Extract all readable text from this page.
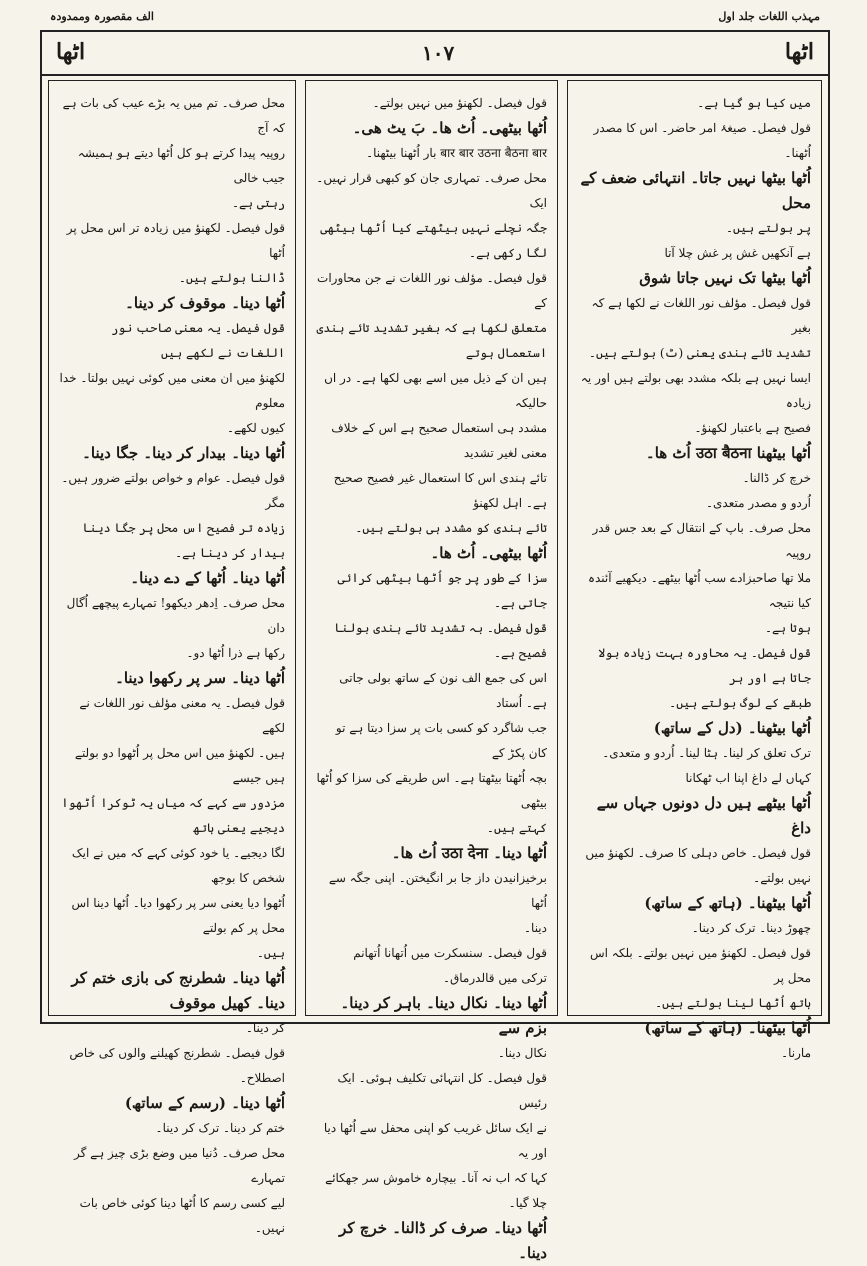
الف مقصورہ وممدودہ	مہذب اللغات جلد اول
اٹھا	۱۰۷	اٹھا

میں کیا ہو گیا ہے۔

قول فیصل۔ صیغۂ امر حاضر۔ اس کا مصدر اُٹھنا۔

اُٹھا بیٹھا نہیں جاتا۔ انتہائی ضعف کے محل

پر بولتے ہیں۔

ہے آنکھیں غش پر غش چلا آتا

اُٹھا بیٹھا تک نہیں جاتا شوق

قول فیصل۔ مؤلف نور اللغات نے لکھا ہے کہ بغیر

تشدید تائے ہندی یعنی (ٹ) بولتے ہیں۔

ایسا نہیں ہے بلکہ مشدد بھی بولتے ہیں اور یہ زیادہ

فصیح ہے باعتبار لکھنؤ۔

اُٹھا بیٹھنا उठा बैठना اُٹ ھا۔

خرچ کر ڈالنا۔

اُردو و مصدر متعدی۔

محل صرف۔ باپ کے انتقال کے بعد جس قدر روپیہ

ملا تھا صاحبزادے سب اُٹھا بیٹھے۔ دیکھیے آئندہ کیا نتیجہ

ہوتا ہے۔

قول فیصل۔ یہ محاورہ بہت زیادہ بولا جاتا ہے اور ہر

طبقے کے لوگ بولتے ہیں۔

اُٹھا بیٹھنا۔ (دل کے ساتھ)

ترک تعلق کر لینا۔ ہٹا لینا۔ اُردو و متعدی۔

کہاں لے داغ اپنا اب ٹھکانا

اُٹھا بیٹھے ہیں دل دونوں جہاں سے داغ

قول فیصل۔ خاص دہلی کا صرف۔ لکھنؤ میں نہیں بولتے۔

اُٹھا بیٹھنا۔ (ہاتھ کے ساتھ)

چھوڑ دینا۔ ترک کر دینا۔

قول فیصل۔ لکھنؤ میں نہیں بولتے۔ بلکہ اس محل پر

ہاتھ اُٹھا لینا بولتے ہیں۔

اُٹھا بیٹھنا۔ (ہاتھ کے ساتھ)

مارنا۔

قول فیصل۔ لکھنؤ میں نہیں بولتے۔

اُٹھا بیٹھی۔ اُٹ ھا۔ بَ یٹ ھی۔

बार बार उठना बैठना बार بار اُٹھنا بیٹھنا۔

محل صرف۔ تمہاری جان کو کبھی قرار نہیں۔ ایک

جگہ نچلے نہیں بیٹھتے کیا اُٹھا بیٹھی لگا رکھی ہے۔

قول فیصل۔ مؤلف نور اللغات نے جن محاورات کے

متعلق لکھا ہے کہ بغیر تشدید تائے ہندی استعمال ہوتے

ہیں ان کے ذیل میں اسے بھی لکھا ہے۔ در اں حالیکہ

مشدد ہی استعمال صحیح ہے اس کے خلاف معنی لغیر تشدید

تائے ہندی اس کا استعمال غیر فصیح صحیح ہے۔ اہل لکھنؤ

تائے ہندی کو مشدد ہی بولتے ہیں۔

اُٹھا بیٹھی۔ اُٹ ھا۔

سزا کے طور پر جو اُٹھا بیٹھی کرائی جاتی ہے۔

قول فیصل۔ بہ تشدید تائے ہندی بولنا فصیح ہے۔

اس کی جمع الف نون کے ساتھ بولی جاتی ہے۔ اُستاد

جب شاگرد کو کسی بات پر سزا دیتا ہے تو کان پکڑ کے

بچہ اُٹھتا بیٹھتا ہے۔ اس طریقے کی سزا کو اُٹھا بیٹھی

کہتے ہیں۔

اُٹھا دینا۔ उठा देना اُٹ ھا۔

برخیزانیدن داز جا بر انگیختن۔ اپنی جگہ سے اُٹھا

دینا۔

قول فیصل۔ سنسکرت میں اُتھانا اُتھانم

ترکی میں قالدرماق۔

اُٹھا دینا۔ نکال دینا۔ باہر کر دینا۔ بزم سے

نکال دینا۔

قول فیصل۔ کل انتہائی تکلیف ہوئی۔ ایک رئیس

نے ایک سائل غریب کو اپنی محفل سے اُٹھا دیا اور یہ

کہا کہ اب نہ آنا۔ بیچارہ خاموش سر جھکائے چلا گیا۔

اُٹھا دینا۔ صرف کر ڈالنا۔ خرچ کر دینا۔

محل صرف۔ تم میں یہ بڑے عیب کی بات ہے کہ آج

روپیہ پیدا کرتے ہو کل اُٹھا دیتے ہو ہمیشہ جیب خالی

رہتی ہے۔

قول فیصل۔ لکھنؤ میں زیادہ تر اس محل پر اُٹھا

ڈالنا بولتے ہیں۔

اُٹھا دینا۔ موقوف کر دینا۔

قول فیصل۔ یہ معنی صاحب نور اللغات نے لکھے ہیں

لکھنؤ میں ان معنی میں کوئی نہیں بولتا۔ خدا معلوم

کیوں لکھے۔

اُٹھا دینا۔ بیدار کر دینا۔ جگا دینا۔

قول فیصل۔ عوام و خواص بولتے ضرور ہیں۔ مگر

زیادہ تر فصیح اس محل پر جگا دینا بیدار کر دینا ہے۔

اُٹھا دینا۔ اُٹھا کے دے دینا۔

محل صرف۔ اِدھر دیکھو! تمہارے پیچھے اُگال دان

رکھا ہے ذرا اُٹھا دو۔

اُٹھا دینا۔ سر پر رکھوا دینا۔

قول فیصل۔ یہ معنی مؤلف نور اللغات نے لکھے

ہیں۔ لکھنؤ میں اس محل پر اُٹھوا دو بولتے ہیں جیسے

مزدور سے کہے کہ میاں یہ ٹوکرا اُٹھوا دیجیے یعنی ہاتھ

لگا دیجیے۔ یا خود کوئی کہے کہ میں نے ایک شخص کا بوجھ

اُٹھوا دیا یعنی سر پر رکھوا دیا۔ اُٹھا دینا اس محل پر کم بولتے

ہیں۔

اُٹھا دینا۔ شطرنج کی بازی ختم کر دینا۔ کھیل موقوف

کر دینا۔

قول فیصل۔ شطرنج کھیلنے والوں کی خاص اصطلاح۔

اُٹھا دینا۔ (رسم کے ساتھ)

ختم کر دینا۔ ترک کر دینا۔

محل صرف۔ دُنیا میں وضع بڑی چیز ہے گر تمہارے

لیے کسی رسم کا اُٹھا دینا کوئی خاص بات نہیں۔
